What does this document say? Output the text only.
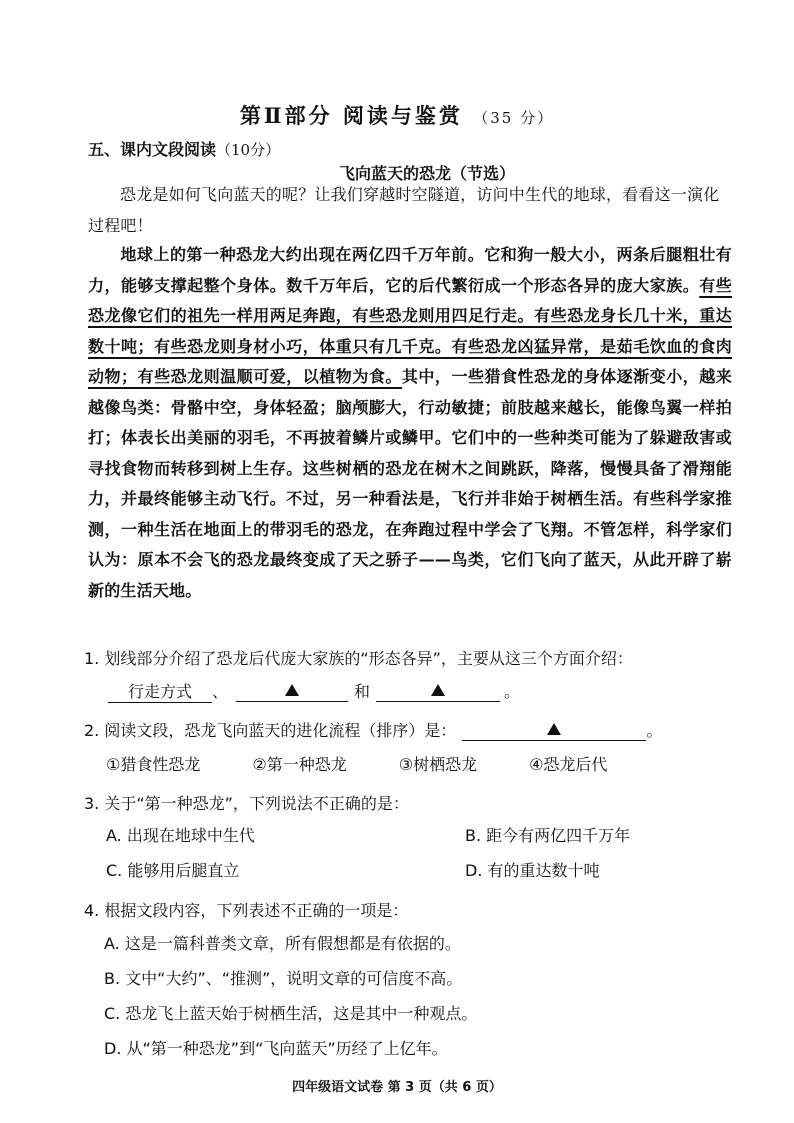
第Ⅱ部分 阅读与鉴赏 （35 分）
五、课内文段阅读（10分）
飞向蓝天的恐龙（节选）
恐龙是如何飞向蓝天的呢？让我们穿越时空隧道，访问中生代的地球，看看这一演化过程吧！
地球上的第一种恐龙大约出现在两亿四千万年前。它和狗一般大小，两条后腿粗壮有力，能够支撑起整个身体。数千万年后，它的后代繁衍成一个形态各异的庞大家族。有些恐龙像它们的祖先一样用两足奔跑，有些恐龙则用四足行走。有些恐龙身长几十米，重达数十吨；有些恐龙则身材小巧，体重只有几千克。有些恐龙凶猛异常，是茹毛饮血的食肉动物；有些恐龙则温顺可爱，以植物为食。其中，一些猎食性恐龙的身体逐渐变小，越来越像鸟类：骨骼中空，身体轻盈；脑颅膨大，行动敏捷；前肢越来越长，能像鸟翼一样拍打；体表长出美丽的羽毛，不再披着鳞片或鳞甲。它们中的一些种类可能为了躲避敌害或寻找食物而转移到树上生存。这些树栖的恐龙在树木之间跳跃，降落，慢慢具备了滑翔能力，并最终能够主动飞行。不过，另一种看法是，飞行并非始于树栖生活。有些科学家推测，一种生活在地面上的带羽毛的恐龙，在奔跑过程中学会了飞翔。不管怎样，科学家们认为：原本不会飞的恐龙最终变成了天之骄子——鸟类，它们飞向了蓝天，从此开辟了崭新的生活天地。
1. 划线部分介绍了恐龙后代庞大家族的“形态各异”，主要从这三个方面介绍：
行走方式 、	和	。
2. 阅读文段，恐龙飞向蓝天的进化流程（排序）是：	。
①猎食性恐龙	②第一种恐龙	③树栖恐龙	④恐龙后代
3. 关于“第一种恐龙”，下列说法不正确的是：
A. 出现在地球中生代	B. 距今有两亿四千万年
C. 能够用后腿直立	D. 有的重达数十吨
4. 根据文段内容，下列表述不正确的一项是：
A. 这是一篇科普类文章，所有假想都是有依据的。
B. 文中“大约”、“推测”，说明文章的可信度不高。
C. 恐龙飞上蓝天始于树栖生活，这是其中一种观点。
D. 从“第一种恐龙”到“飞向蓝天”历经了上亿年。
四年级语文试卷 第 3 页（共 6 页）
